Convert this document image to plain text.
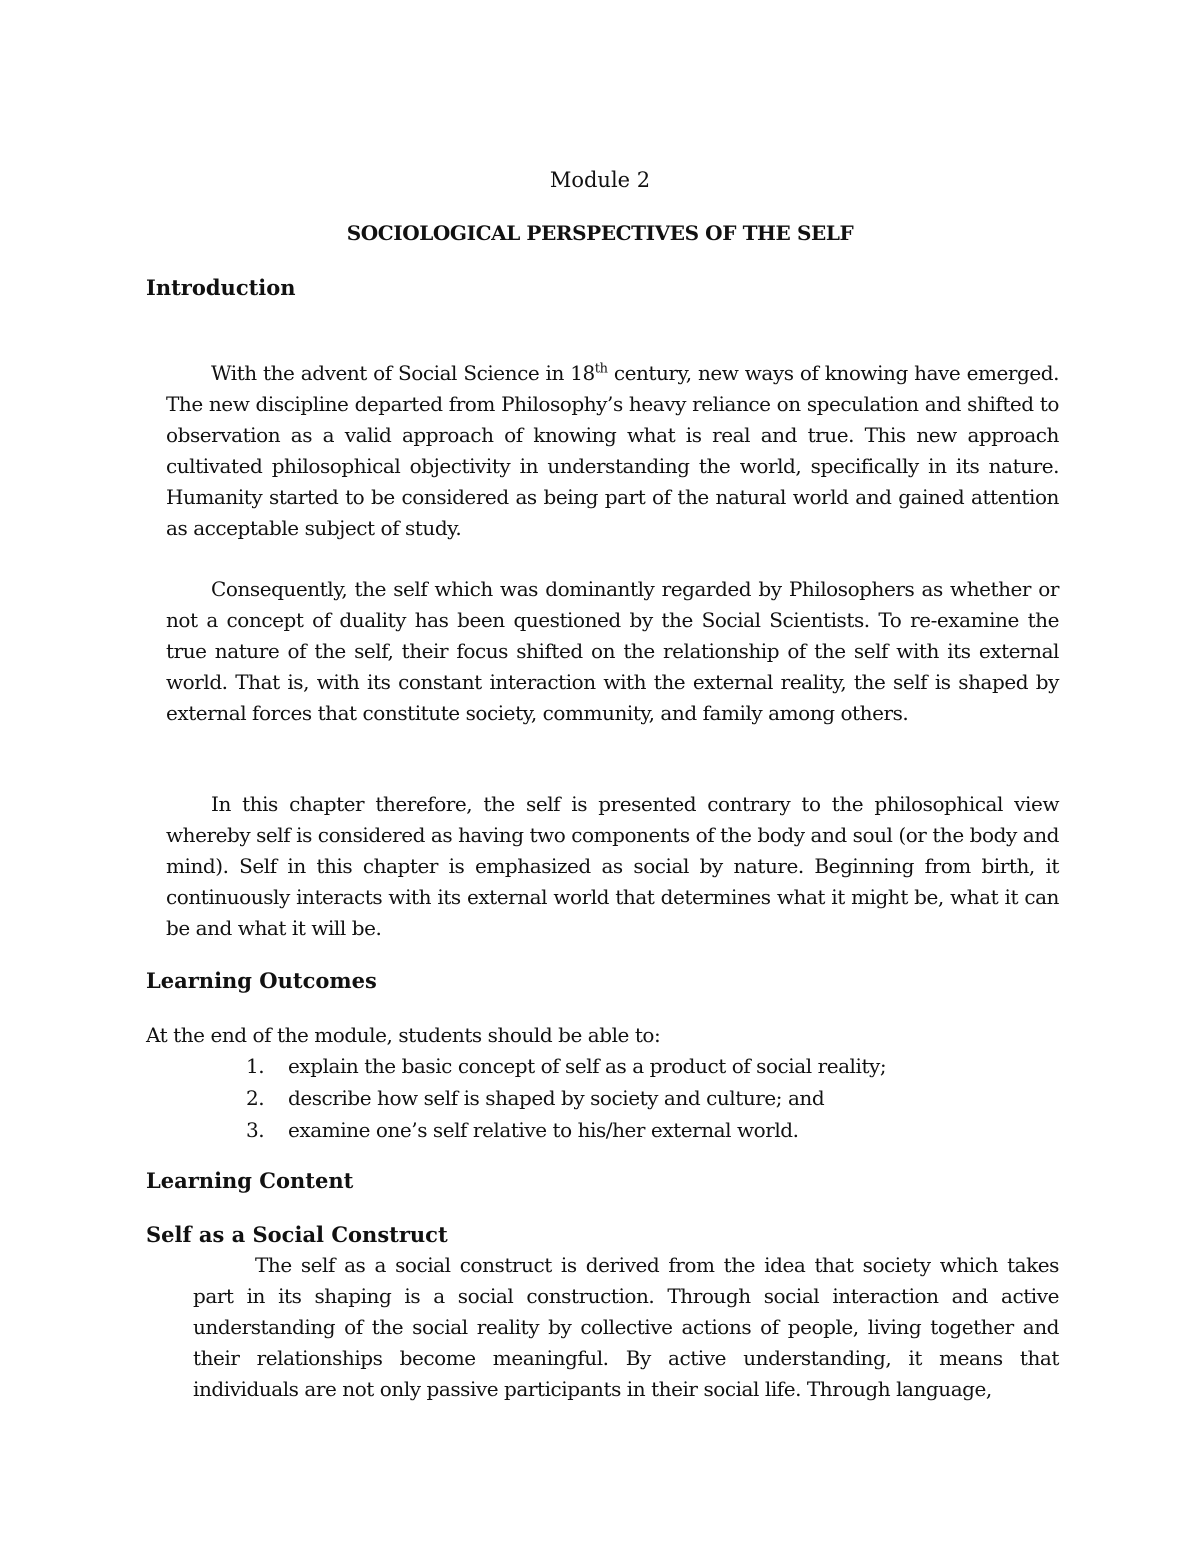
Module 2

SOCIOLOGICAL PERSPECTIVES OF THE SELF

Introduction

With the advent of Social Science in 18th century, new ways of knowing have emerged. The new discipline departed from Philosophy’s heavy reliance on speculation and shifted to observation as a valid approach of knowing what is real and true. This new approach cultivated philosophical objectivity in understanding the world, specifically in its nature. Humanity started to be considered as being part of the natural world and gained attention as acceptable subject of study.

Consequently, the self which was dominantly regarded by Philosophers as whether or not a concept of duality has been questioned by the Social Scientists. To re-examine the true nature of the self, their focus shifted on the relationship of the self with its external world. That is, with its constant interaction with the external reality, the self is shaped by external forces that constitute society, community, and family among others.

In this chapter therefore, the self is presented contrary to the philosophical view whereby self is considered as having two components of the body and soul (or the body and mind). Self in this chapter is emphasized as social by nature. Beginning from birth, it continuously interacts with its external world that determines what it might be, what it can be and what it will be.

Learning Outcomes

At the end of the module, students should be able to:

1. explain the basic concept of self as a product of social reality;
2. describe how self is shaped by society and culture; and
3. examine one’s self relative to his/her external world.

Learning Content

Self as a Social Construct

The self as a social construct is derived from the idea that society which takes part in its shaping is a social construction. Through social interaction and active understanding of the social reality by collective actions of people, living together and their relationships become meaningful. By active understanding, it means that individuals are not only passive participants in their social life. Through language,
